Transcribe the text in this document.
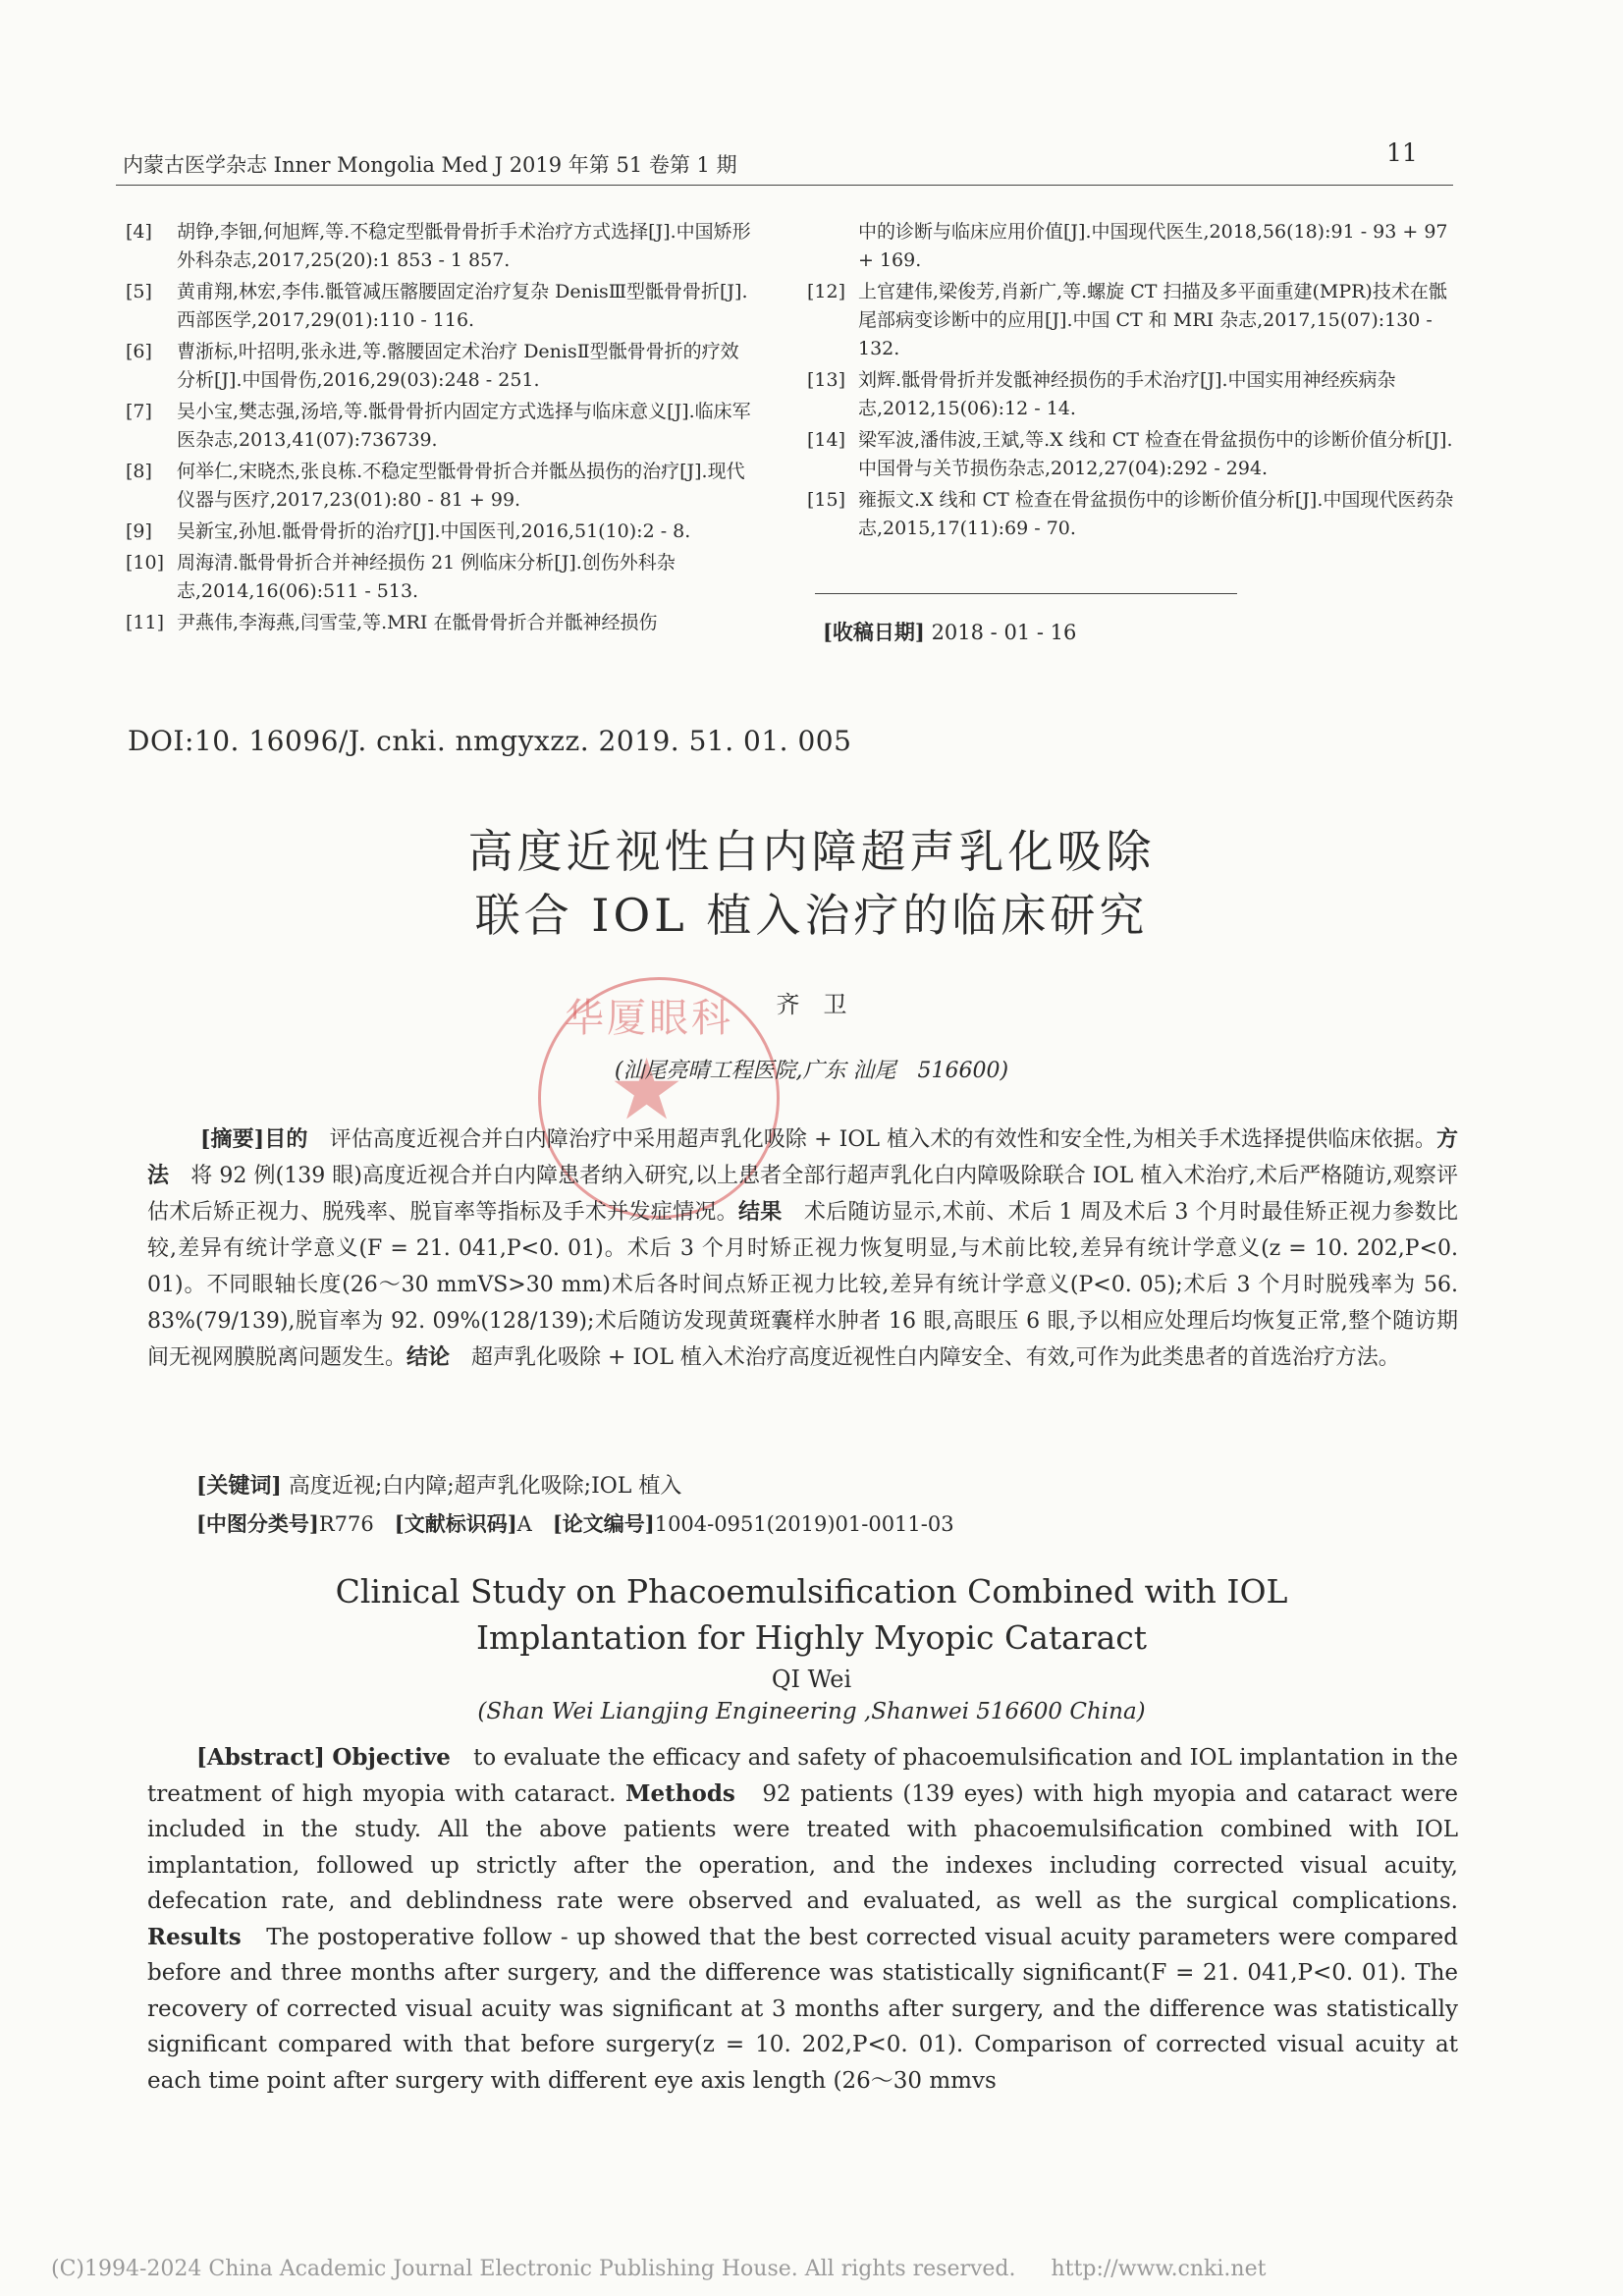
内蒙古医学杂志 Inner Mongolia Med J 2019 年第 51 卷第 1 期	11
[4]	胡铮,李钿,何旭辉,等.不稳定型骶骨骨折手术治疗方式选择[J].中国矫形外科杂志,2017,25(20):1 853 - 1 857.
[5]	黄甫翔,林宏,李伟.骶管减压髂腰固定治疗复杂 DenisⅢ型骶骨骨折[J].西部医学,2017,29(01):110 - 116.
[6]	曹浙标,叶招明,张永进,等.髂腰固定术治疗 DenisⅡ型骶骨骨折的疗效分析[J].中国骨伤,2016,29(03):248 - 251.
[7]	吴小宝,樊志强,汤培,等.骶骨骨折内固定方式选择与临床意义[J].临床军医杂志,2013,41(07):736739.
[8]	何举仁,宋晓杰,张良栋.不稳定型骶骨骨折合并骶丛损伤的治疗[J].现代仪器与医疗,2017,23(01):80 - 81 + 99.
[9]	吴新宝,孙旭.骶骨骨折的治疗[J].中国医刊,2016,51(10):2 - 8.
[10] 周海清.骶骨骨折合并神经损伤 21 例临床分析[J].创伤外科杂志,2014,16(06):511 - 513.
[11] 尹燕伟,李海燕,闫雪莹,等.MRI 在骶骨骨折合并骶神经损伤
中的诊断与临床应用价值[J].中国现代医生,2018,56(18):91 - 93 + 97 + 169.
[12] 上官建伟,梁俊芳,肖新广,等.螺旋 CT 扫描及多平面重建(MPR)技术在骶尾部病变诊断中的应用[J].中国 CT 和 MRI 杂志,2017,15(07):130 - 132.
[13] 刘辉.骶骨骨折并发骶神经损伤的手术治疗[J].中国实用神经疾病杂志,2012,15(06):12 - 14.
[14] 梁军波,潘伟波,王斌,等.X 线和 CT 检查在骨盆损伤中的诊断价值分析[J].中国骨与关节损伤杂志,2012,27(04):292 - 294.
[15] 雍振文.X 线和 CT 检查在骨盆损伤中的诊断价值分析[J].中国现代医药杂志,2015,17(11):69 - 70.
[收稿日期] 2018 - 01 - 16
DOI:10. 16096/J. cnki. nmgyxzz. 2019. 51. 01. 005
高度近视性白内障超声乳化吸除
联合 IOL 植入治疗的临床研究
华厦眼科
★
齐　卫
(汕尾亮晴工程医院,广东 汕尾　516600)
[摘要]目的　 评估高度近视合并白内障治疗中采用超声乳化吸除 + IOL 植入术的有效性和安全性,为相关手术选择提供临床依据。方法　 将 92 例(139 眼)高度近视合并白内障患者纳入研究,以上患者全部行超声乳化白内障吸除联合 IOL 植入术治疗,术后严格随访,观察评估术后矫正视力、脱残率、脱盲率等指标及手术并发症情况。结果　 术后随访显示,术前、术后 1 周及术后 3 个月时最佳矫正视力参数比较,差异有统计学意义(F = 21. 041,P<0. 01)。术后 3 个月时矫正视力恢复明显,与术前比较,差异有统计学意义(z = 10. 202,P<0. 01)。不同眼轴长度(26～30 mmVS>30 mm)术后各时间点矫正视力比较,差异有统计学意义(P<0. 05);术后 3 个月时脱残率为 56. 83%(79/139),脱盲率为 92. 09%(128/139);术后随访发现黄斑囊样水肿者 16 眼,高眼压 6 眼,予以相应处理后均恢复正常,整个随访期间无视网膜脱离问题发生。结论　 超声乳化吸除 + IOL 植入术治疗高度近视性白内障安全、有效,可作为此类患者的首选治疗方法。
[关键词] 高度近视;白内障;超声乳化吸除;IOL 植入
[中图分类号]R776　 [文献标识码]A　 [论文编号]1004-0951(2019)01-0011-03
Clinical Study on Phacoemulsification Combined with IOL
Implantation for Highly Myopic Cataract
QI Wei
(Shan Wei Liangjing Engineering ,Shanwei 516600 China)
[Abstract] Objective　 to evaluate the efficacy and safety of phacoemulsification and IOL implantation in the treatment of high myopia with cataract. Methods　 92 patients (139 eyes) with high myopia and cataract were included in the study. All the above patients were treated with phacoemulsification combined with IOL implantation, followed up strictly after the operation, and the indexes including corrected visual acuity, defecation rate, and deblindness rate were observed and evaluated, as well as the surgical complications. Results　 The postoperative follow - up showed that the best corrected visual acuity parameters were compared before and three months after surgery, and the difference was statistically significant(F = 21. 041,P<0. 01). The recovery of corrected visual acuity was significant at 3 months after surgery, and the difference was statistically significant compared with that before surgery(z = 10. 202,P<0. 01). Comparison of corrected visual acuity at each time point after surgery with different eye axis length (26～30 mmvs
(C)1994-2024 China Academic Journal Electronic Publishing House. All rights reserved. http://www.cnki.net
